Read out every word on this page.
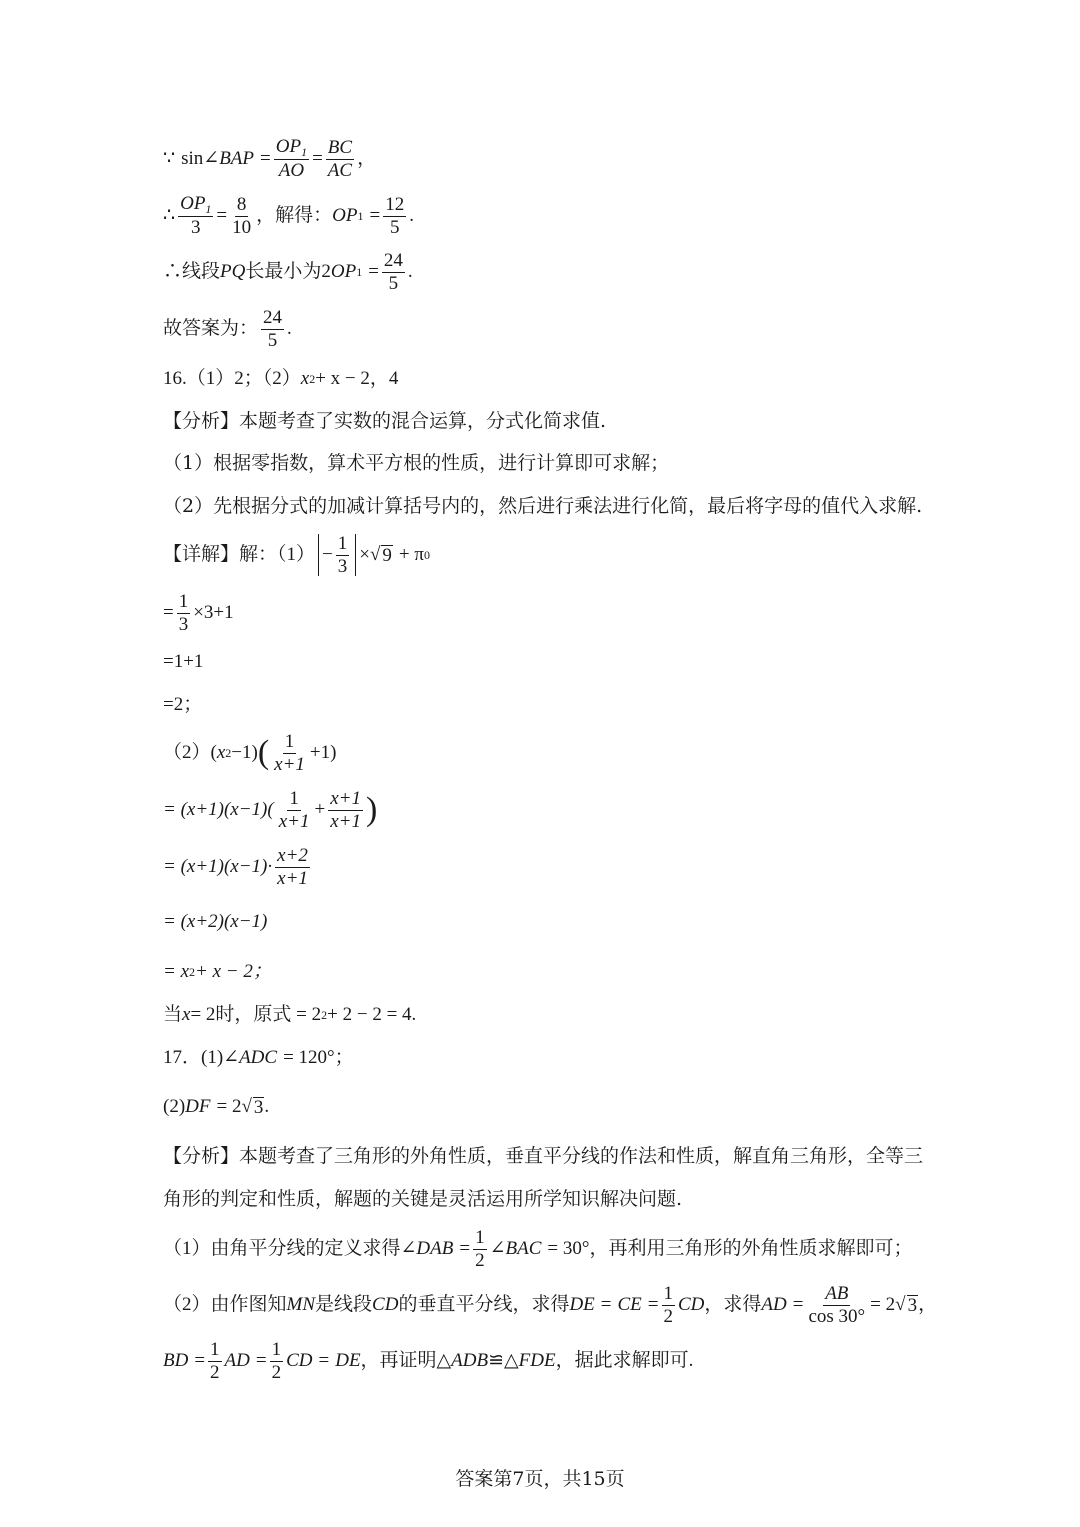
∵ sin ∠ BAP = $\frac{OP_1}{AO} = \frac{BC}{AC}$ ，
∴ $\frac{OP_1}{3} = \frac{8}{10}$ ，解得： OP $1 = \frac{12}{5}$ .
∴线段 PQ 长最小为 2 OP $1 = \frac{24}{5}$ .
故答案为：
24
5
.
16.（1）2；（2） x 2 + x − 2，4
【分析】本题考查了实数的混合运算，分式化简求值.
（1）根据零指数，算术平方根的性质，进行计算即可求解；
（2）先根据分式的加减计算括号内的，然后进行乘法进行化简，最后将字母的值代入求解.
【详解】解：$(1) - \frac{1}{3}$ × √ 9 + π 0
= $\frac{1}{3} \times 3+1$
=1+1
=2；
（2） ( x 2 −1) ( 1
x+1
+1)
= (x+1)(x−1)(
1
x+1
+ $\frac{x+1}{x+1}$ )
= (x+1)(x−1)·
x+2
x+1
= (x+2)(x−1)
= x 2 + x − 2；
当 x = 2时，原式 = 2 2 + 2 − 2 = 4.
17．(1)∠ ADC = 120°；
(2) DF = 2 √ 3 .
【分析】本题考查了三角形的外角性质，垂直平分线的作法和性质，解直角三角形，全等三
角形的判定和性质，解题的关键是灵活运用所学知识解决问题.
（1）由角平分线的定义求得∠ DAB = $\frac{1}{2}$ ∠ BAC = 30°，再利用三角形的外角性质求解即可；
（2）由作图知 MN 是线段 CD 的垂直平分线，求得 DE = CE = $\frac{1}{2}$ CD ，求得 AD = $\frac{AB}{\cos 30^\circ} = 2$ √ 3 ，
BD = $\frac{1}{2}$ AD = $\frac{1}{2}$ CD = DE ，再证明△ ADB ≌△ FDE ，据此求解即可.
答案第7页，共15页
